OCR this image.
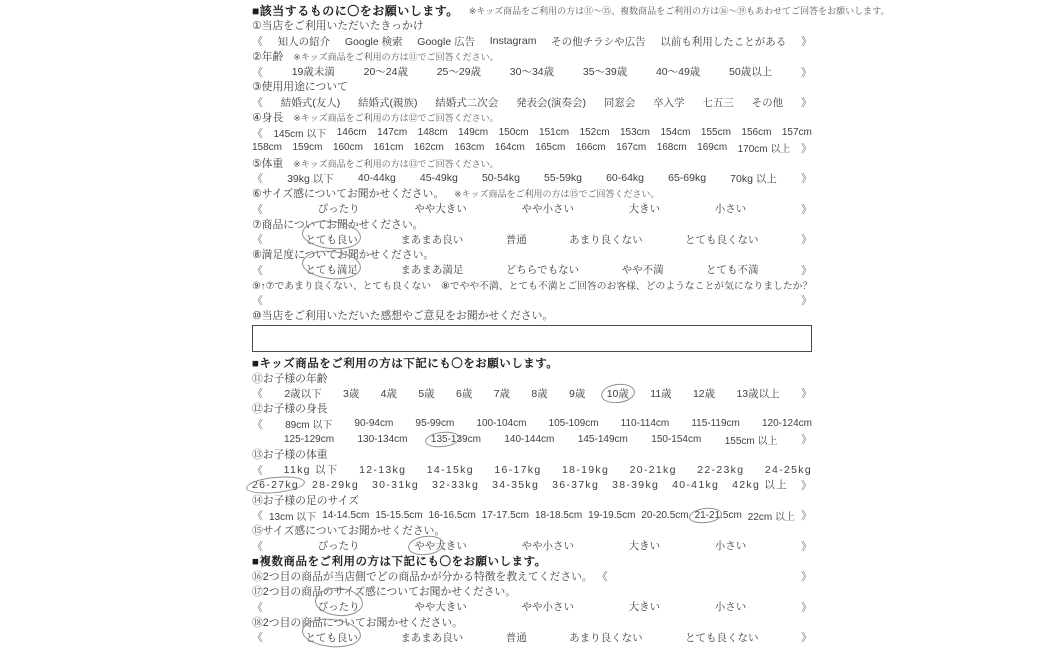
■該当するものに〇をお願いします。 ※キッズ商品をご利用の方は⑪～⑮、複数商品をご利用の方は⑯～⑲もあわせてご回答をお願いします。
①当店をご利用いただいたきっかけ
《 知人の紹介 Google 検索 Google 広告 Instagram その他チラシや広告 以前も利用したことがある 》
②年齢 ※キッズ商品をご利用の方は⑪でご回答ください。
《	19歳未満	20～24歳	25～29歳	30～34歳	35～39歳	40～49歳	50歳以上	》
③使用用途について
《 結婚式(友人) 結婚式(親族) 結婚式二次会 発表会(演奏会) 同窓会 卒入学 七五三 その他 》
④身長 ※キッズ商品をご利用の方は⑫でご回答ください。
《 145cm 以下 146cm 147cm 148cm 149cm 150cm 151cm 152cm 153cm 154cm 155cm 156cm 157cm
158cm 159cm 160cm 161cm 162cm 163cm 164cm 165cm 166cm 167cm 168cm 169cm 170cm 以上 》
⑤体重 ※キッズ商品をご利用の方は⑬でご回答ください。
《 39kg 以下 40-44kg 45-49kg 50-54kg 55-59kg 60-64kg 65-69kg 70kg 以上 》
⑥サイズ感についてお聞かせください。 ※キッズ商品をご利用の方は⑮でご回答ください。
《	ぴったり	やや大きい	やや小さい	大きい	小さい	》
⑦商品についてお聞かせください。
《	とても良い	まあまあ良い	普通	あまり良くない	とても良くない	》
⑧満足度についてお聞かせください。
《	とても満足	まあまあ満足	どちらでもない	やや不満	とても不満	》
⑨↑⑦であまり良くない、とても良くない　⑧でやや不満、とても不満とご回答のお客様、どのようなことが気になりましたか？
《	》
⑩当店をご利用いただいた感想やご意見をお聞かせください。
■キッズ商品をご利用の方は下記にも〇をお願いします。
⑪お子様の年齢
《 2歳以下 3歳 4歳 5歳 6歳 7歳 8歳 9歳 10歳 11歳 12歳 13歳以上 》
⑫お子様の身長
《 89cm 以下 90-94cm 95-99cm 100-104cm 105-109cm 110-114cm 115-119cm 120-124cm
125-129cm 130-134cm 135-139cm 140-144cm 145-149cm 150-154cm 155cm 以上 》
⑬お子様の体重
《 11kg 以下 12-13kg 14-15kg 16-17kg 18-19kg 20-21kg 22-23kg 24-25kg
26-27kg 28-29kg 30-31kg 32-33kg 34-35kg 36-37kg 38-39kg 40-41kg 42kg 以上 》
⑭お子様の足のサイズ
《 13cm 以下 14-14.5cm 15-15.5cm 16-16.5cm 17-17.5cm 18-18.5cm 19-19.5cm 20-20.5cm 21-21.5cm 22cm 以上 》
⑮サイズ感についてお聞かせください。
《	ぴったり	やや大きい	やや小さい	大きい	小さい	》
■複数商品をご利用の方は下記にも〇をお願いします。
⑯2つ目の商品が当店側でどの商品かが分かる特徴を教えてください。 《	》
⑰2つ目の商品のサイズ感についてお聞かせください。
《	ぴったり	やや大きい	やや小さい	大きい	小さい	》
⑱2つ目の商品についてお聞かせください。
《	とても良い	まあまあ良い	普通	あまり良くない	とても良くない	》
